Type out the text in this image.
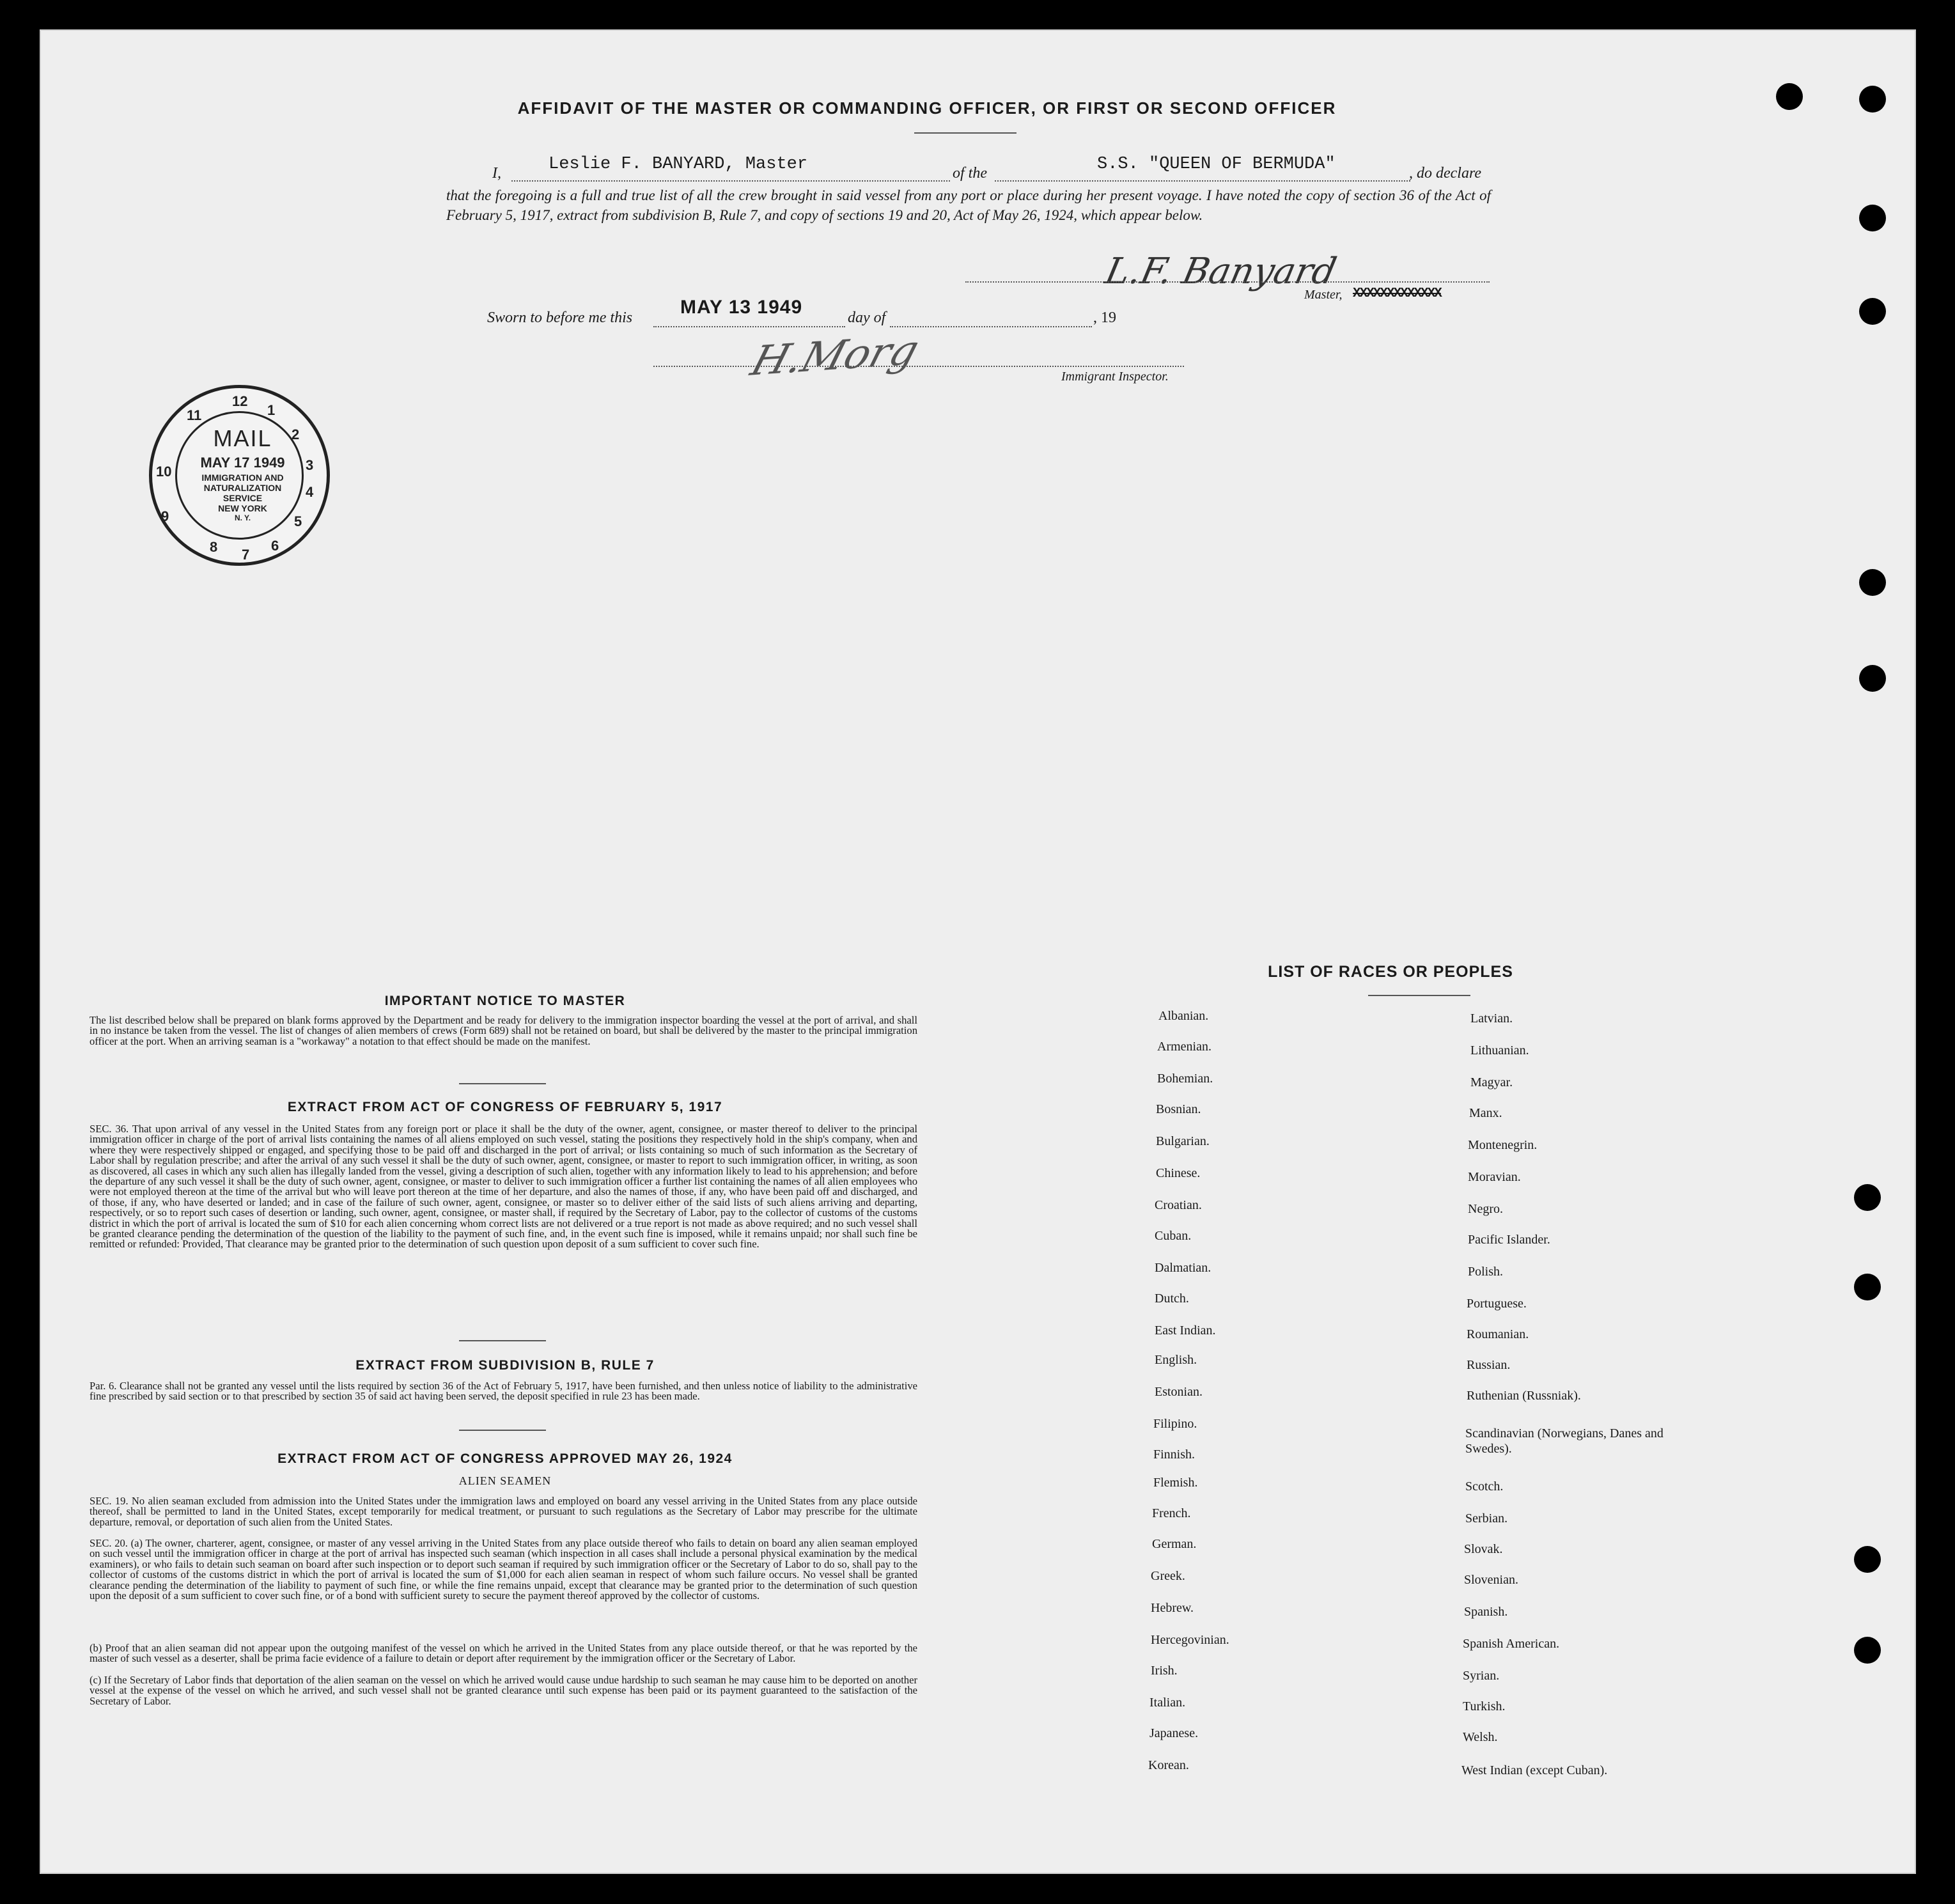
AFFIDAVIT OF THE MASTER OR COMMANDING OFFICER, OR FIRST OR SECOND OFFICER
I,	Leslie F. BANYARD, Master	of the	S.S. "QUEEN OF BERMUDA"	, do declare
that the foregoing is a full and true list of all the crew brought in said vessel from any port or place during her present voyage. I have noted the copy of section 36 of the Act of February 5, 1917, extract from subdivision B, Rule 7, and copy of sections 19 and 20, Act of May 26, 1924, which appear below.
L.F. Banyard
Master, XXXXXXXXXXXXX
Sworn to before me this MAY 13 1949	day of	, 19
H.Morg	Immigrant Inspector.
12
1
2
3
4
5
6
7
8
9
10
11
MAIL
MAY 17 1949
IMMIGRATION AND
NATURALIZATION
SERVICE
NEW YORK
N. Y.
IMPORTANT NOTICE TO MASTER
The list described below shall be prepared on blank forms approved by the Department and be ready for delivery to the immigration inspector boarding the vessel at the port of arrival, and shall in no instance be taken from the vessel. The list of changes of alien members of crews (Form 689) shall not be retained on board, but shall be delivered by the master to the principal immigration officer at the port. When an arriving seaman is a "workaway" a notation to that effect should be made on the manifest.
EXTRACT FROM ACT OF CONGRESS OF FEBRUARY 5, 1917
SEC. 36. That upon arrival of any vessel in the United States from any foreign port or place it shall be the duty of the owner, agent, consignee, or master thereof to deliver to the principal immigration officer in charge of the port of arrival lists containing the names of all aliens employed on such vessel, stating the positions they respectively hold in the ship's company, when and where they were respectively shipped or engaged, and specifying those to be paid off and discharged in the port of arrival; or lists containing so much of such information as the Secretary of Labor shall by regulation prescribe; and after the arrival of any such vessel it shall be the duty of such owner, agent, consignee, or master to report to such immigration officer, in writing, as soon as discovered, all cases in which any such alien has illegally landed from the vessel, giving a description of such alien, together with any information likely to lead to his apprehension; and before the departure of any such vessel it shall be the duty of such owner, agent, consignee, or master to deliver to such immigration officer a further list containing the names of all alien employees who were not employed thereon at the time of the arrival but who will leave port thereon at the time of her departure, and also the names of those, if any, who have been paid off and discharged, and of those, if any, who have deserted or landed; and in case of the failure of such owner, agent, consignee, or master so to deliver either of the said lists of such aliens arriving and departing, respectively, or so to report such cases of desertion or landing, such owner, agent, consignee, or master shall, if required by the Secretary of Labor, pay to the collector of customs of the customs district in which the port of arrival is located the sum of $10 for each alien concerning whom correct lists are not delivered or a true report is not made as above required; and no such vessel shall be granted clearance pending the determination of the question of the liability to the payment of such fine, and, in the event such fine is imposed, while it remains unpaid; nor shall such fine be remitted or refunded: Provided, That clearance may be granted prior to the determination of such question upon deposit of a sum sufficient to cover such fine.
EXTRACT FROM SUBDIVISION B, RULE 7
Par. 6. Clearance shall not be granted any vessel until the lists required by section 36 of the Act of February 5, 1917, have been furnished, and then unless notice of liability to the administrative fine prescribed by said section or to that prescribed by section 35 of said act having been served, the deposit specified in rule 23 has been made.
EXTRACT FROM ACT OF CONGRESS APPROVED MAY 26, 1924
ALIEN SEAMEN
SEC. 19. No alien seaman excluded from admission into the United States under the immigration laws and employed on board any vessel arriving in the United States from any place outside thereof, shall be permitted to land in the United States, except temporarily for medical treatment, or pursuant to such regulations as the Secretary of Labor may prescribe for the ultimate departure, removal, or deportation of such alien from the United States.
SEC. 20. (a) The owner, charterer, agent, consignee, or master of any vessel arriving in the United States from any place outside thereof who fails to detain on board any alien seaman employed on such vessel until the immigration officer in charge at the port of arrival has inspected such seaman (which inspection in all cases shall include a personal physical examination by the medical examiners), or who fails to detain such seaman on board after such inspection or to deport such seaman if required by such immigration officer or the Secretary of Labor to do so, shall pay to the collector of customs of the customs district in which the port of arrival is located the sum of $1,000 for each alien seaman in respect of whom such failure occurs. No vessel shall be granted clearance pending the determination of the liability to payment of such fine, or while the fine remains unpaid, except that clearance may be granted prior to the determination of such question upon the deposit of a sum sufficient to cover such fine, or of a bond with sufficient surety to secure the payment thereof approved by the collector of customs.
(b) Proof that an alien seaman did not appear upon the outgoing manifest of the vessel on which he arrived in the United States from any place outside thereof, or that he was reported by the master of such vessel as a deserter, shall be prima facie evidence of a failure to detain or deport after requirement by the immigration officer or the Secretary of Labor.
(c) If the Secretary of Labor finds that deportation of the alien seaman on the vessel on which he arrived would cause undue hardship to such seaman he may cause him to be deported on another vessel at the expense of the vessel on which he arrived, and such vessel shall not be granted clearance until such expense has been paid or its payment guaranteed to the satisfaction of the Secretary of Labor.
LIST OF RACES OR PEOPLES
Albanian.
Armenian.
Bohemian.
Bosnian.
Bulgarian.
Chinese.
Croatian.
Cuban.
Dalmatian.
Dutch.
East Indian.
English.
Estonian.
Filipino.
Finnish.
Flemish.
French.
German.
Greek.
Hebrew.
Hercegovinian.
Irish.
Italian.
Japanese.
Korean.
Latvian.
Lithuanian.
Magyar.
Manx.
Montenegrin.
Moravian.
Negro.
Pacific Islander.
Polish.
Portuguese.
Roumanian.
Russian.
Ruthenian (Russniak).
Scandinavian (Norwegians, Danes and Swedes).
Scotch.
Serbian.
Slovak.
Slovenian.
Spanish.
Spanish American.
Syrian.
Turkish.
Welsh.
West Indian (except Cuban).
